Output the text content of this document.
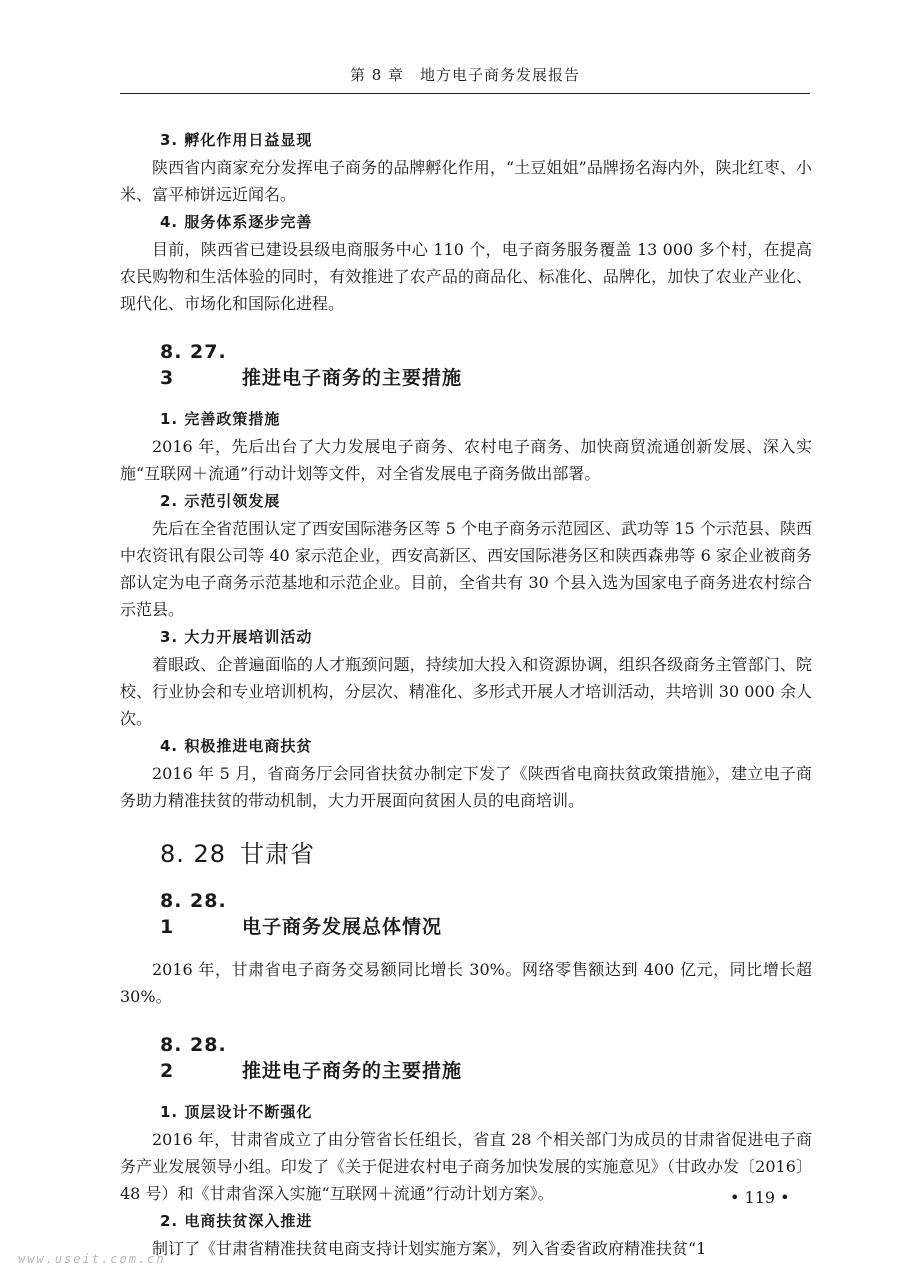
第 8 章　地方电子商务发展报告
3. 孵化作用日益显现

陕西省内商家充分发挥电子商务的品牌孵化作用，“土豆姐姐”品牌扬名海内外，陕北红枣、小米、富平柿饼远近闻名。

4. 服务体系逐步完善

目前，陕西省已建设县级电商服务中心 110 个，电子商务服务覆盖 13 000 多个村，在提高农民购物和生活体验的同时，有效推进了农产品的商品化、标准化、品牌化，加快了农业产业化、现代化、市场化和国际化进程。

8. 27. 3	推进电子商务的主要措施
1. 完善政策措施

2016 年，先后出台了大力发展电子商务、农村电子商务、加快商贸流通创新发展、深入实施“互联网＋流通”行动计划等文件，对全省发展电子商务做出部署。

2. 示范引领发展

先后在全省范围认定了西安国际港务区等 5 个电子商务示范园区、武功等 15 个示范县、陕西中农资讯有限公司等 40 家示范企业，西安高新区、西安国际港务区和陕西森弗等 6 家企业被商务部认定为电子商务示范基地和示范企业。目前，全省共有 30 个县入选为国家电子商务进农村综合示范县。

3. 大力开展培训活动

着眼政、企普遍面临的人才瓶颈问题，持续加大投入和资源协调，组织各级商务主管部门、院校、行业协会和专业培训机构，分层次、精准化、多形式开展人才培训活动，共培训 30 000 余人次。

4. 积极推进电商扶贫

2016 年 5 月，省商务厅会同省扶贫办制定下发了《陕西省电商扶贫政策措施》，建立电子商务助力精准扶贫的带动机制，大力开展面向贫困人员的电商培训。

8. 28 甘肃省
8. 28. 1	电子商务发展总体情况

2016 年，甘肃省电子商务交易额同比增长 30%。网络零售额达到 400 亿元，同比增长超 30%。

8. 28. 2	推进电子商务的主要措施
1. 顶层设计不断强化

2016 年，甘肃省成立了由分管省长任组长，省直 28 个相关部门为成员的甘肃省促进电子商务产业发展领导小组。印发了《关于促进农村电子商务加快发展的实施意见》（甘政办发〔2016〕48 号）和《甘肃省深入实施“互联网＋流通”行动计划方案》。

2. 电商扶贫深入推进

制订了《甘肃省精准扶贫电商支持计划实施方案》，列入省委省政府精准扶贫“1

• 119 •
www.useit.com.cn
